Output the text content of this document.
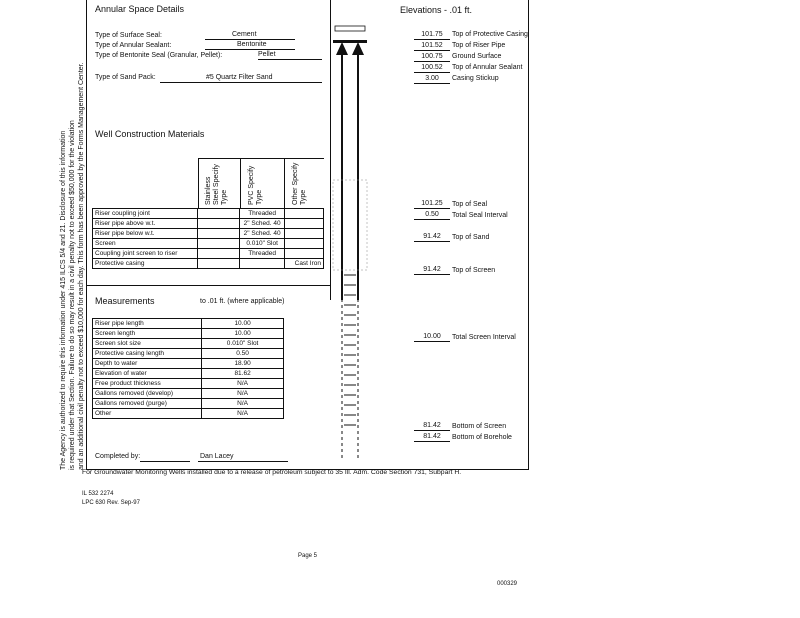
The Agency is authorized to require this information under 415 ILCS 5/4 and 21. Disclosure of this information is required under that Section. Failure to do so may result in a civil penalty not to exceed $50,000 for the violation and an additional civil penalty not to exceed $10,000 for each day. This form has been approved by the Forms Management Center.
Annular Space Details
Type of Surface Seal:	Cement
Type of Annular Sealant:	Bentonite
Type of Bentonite Seal (Granular, Pellet):	Pellet
Type of Sand Pack:	#5 Quartz Filter Sand
Elevations - .01 ft.
101.75	Top of Protective Casing
101.52	Top of Riser Pipe
100.75	Ground Surface
100.52	Top of Annular Sealant
3.00	Casing Stickup
101.25	Top of Seal
0.50	Total Seal Interval
91.42	Top of Sand
91.42	Top of Screen
10.00	Total Screen Interval
81.42	Bottom of Screen
81.42	Bottom of Borehole
Well Construction Materials
Stainless Steel Specify Type	PVC Specify Type	Other Specify Type
Riser coupling joint		Threaded	
Riser pipe above w.t.		2" Sched. 40	
Riser pipe below w.t.		2" Sched. 40	
Screen		0.010" Slot	
Coupling joint screen to riser		Threaded	
Protective casing			Cast Iron
Measurements	to .01 ft. (where applicable)
Riser pipe length	10.00
Screen length	10.00
Screen slot size	0.010" Slot
Protective casing length	0.50
Depth to water	18.90
Elevation of water	81.62
Free product thickness	N/A
Gallons removed (develop)	N/A
Gallons removed (purge)	N/A
Other	N/A
Completed by:	Dan Lacey
For Groundwater Monitoring Wells installed due to a release of petroleum subject to 35 Ill. Adm. Code Section 731, Subpart H.
IL 532 2274
LPC 630 Rev. Sep-97
Page 5
000329
